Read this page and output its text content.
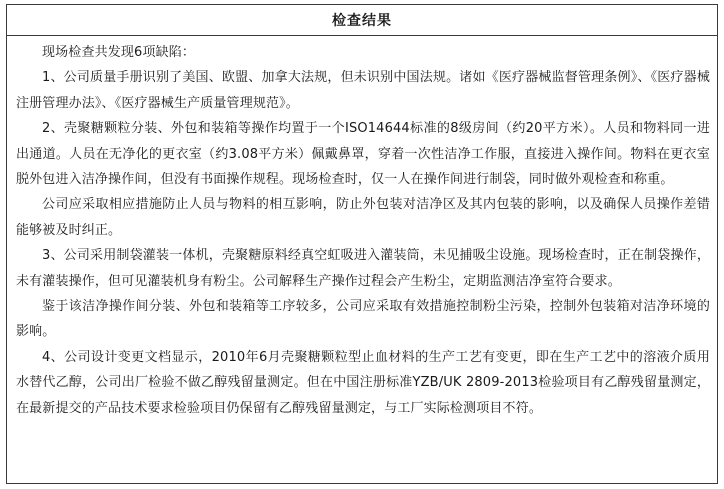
检查结果

现场检查共发现6项缺陷：

1、公司质量手册识别了美国、欧盟、加拿大法规，但未识别中国法规。诸如《医疗器械监督管理条例》、《医疗器械注册管理办法》、《医疗器械生产质量管理规范》。

2、壳聚糖颗粒分装、外包和装箱等操作均置于一个ISO14644标准的8级房间（约20平方米）。人员和物料同一进出通道。人员在无净化的更衣室（约3.08平方米）佩戴鼻罩，穿着一次性洁净工作服，直接进入操作间。物料在更衣室脱外包进入洁净操作间，但没有书面操作规程。现场检查时，仅一人在操作间进行制袋，同时做外观检查和称重。

公司应采取相应措施防止人员与物料的相互影响，防止外包装对洁净区及其内包装的影响，以及确保人员操作差错能够被及时纠正。

3、公司采用制袋灌装一体机，壳聚糖原料经真空虹吸进入灌装筒，未见捕吸尘设施。现场检查时，正在制袋操作，未有灌装操作，但可见灌装机身有粉尘。公司解释生产操作过程会产生粉尘，定期监测洁净室符合要求。

鉴于该洁净操作间分装、外包和装箱等工序较多，公司应采取有效措施控制粉尘污染，控制外包装箱对洁净环境的影响。

4、公司设计变更文档显示，2010年6月壳聚糖颗粒型止血材料的生产工艺有变更，即在生产工艺中的溶液介质用水替代乙醇，公司出厂检验不做乙醇残留量测定。但在中国注册标准YZB/UK 2809-2013检验项目有乙醇残留量测定，在最新提交的产品技术要求检验项目仍保留有乙醇残留量测定，与工厂实际检测项目不符。
